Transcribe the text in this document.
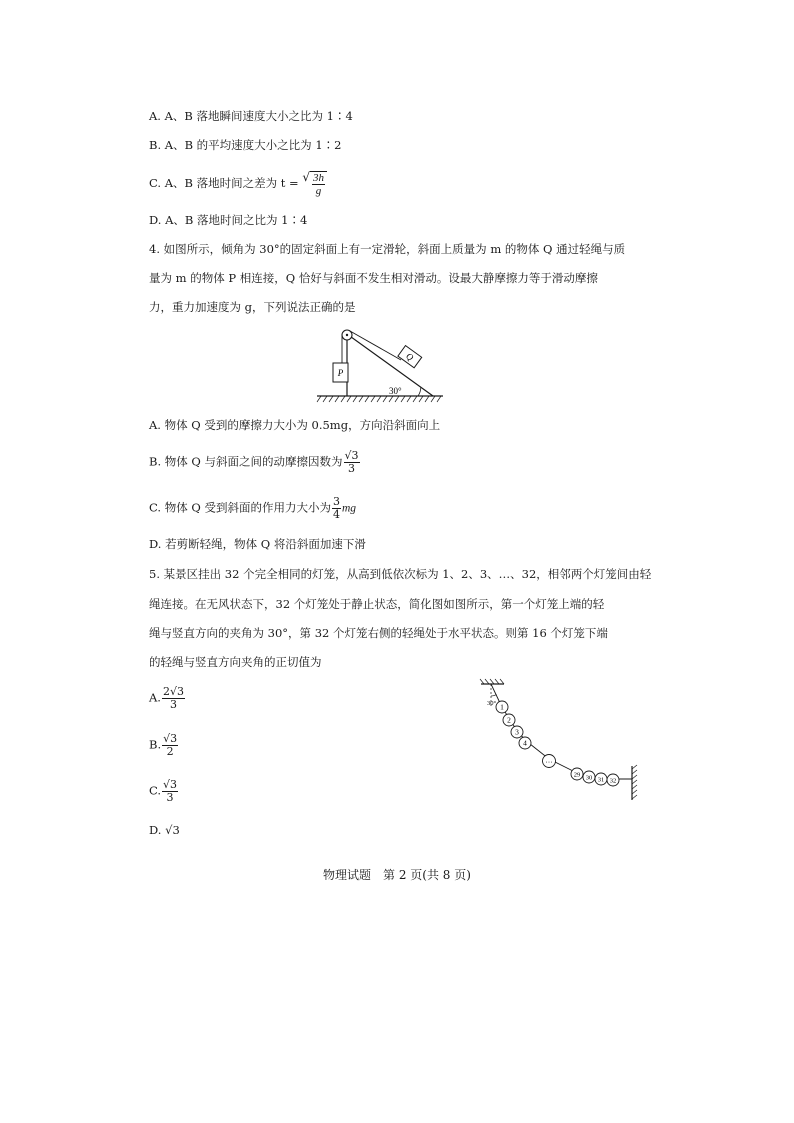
A. A、B 落地瞬间速度大小之比为 1∶4
B. A、B 的平均速度大小之比为 1∶2
C. A、B 落地时间之差为 t = √ $\frac{3h}{g}$
D. A、B 落地时间之比为 1∶4
4. 如图所示，倾角为 30°的固定斜面上有一定滑轮，斜面上质量为 m 的物体 Q 通过轻绳与质
量为 m 的物体 P 相连接，Q 恰好与斜面不发生相对滑动。设最大静摩擦力等于滑动摩擦
力，重力加速度为 g，下列说法正确的是
P
Q
30°
A. 物体 Q 受到的摩擦力大小为 0.5mg，方向沿斜面向上
B. 物体 Q 与斜面之间的动摩擦因数为 $\frac{√3}{3}$
C. 物体 Q 受到斜面的作用力大小为 $\frac{3}{4}$ mg
D. 若剪断轻绳，物体 Q 将沿斜面加速下滑
5. 某景区挂出 32 个完全相同的灯笼，从高到低依次标为 1、2、3、…、32，相邻两个灯笼间由轻
绳连接。在无风状态下，32 个灯笼处于静止状态，简化图如图所示，第一个灯笼上端的轻
绳与竖直方向的夹角为 30°，第 32 个灯笼右侧的轻绳处于水平状态。则第 16 个灯笼下端
的轻绳与竖直方向夹角的正切值为
A. $\frac{2√3}{3}$
B. $\frac{√3}{2}$
C. $\frac{√3}{3}$
D. √3
30° 1
2
3
4
…
29 30 31 32
物理试题　第 2 页(共 8 页)
